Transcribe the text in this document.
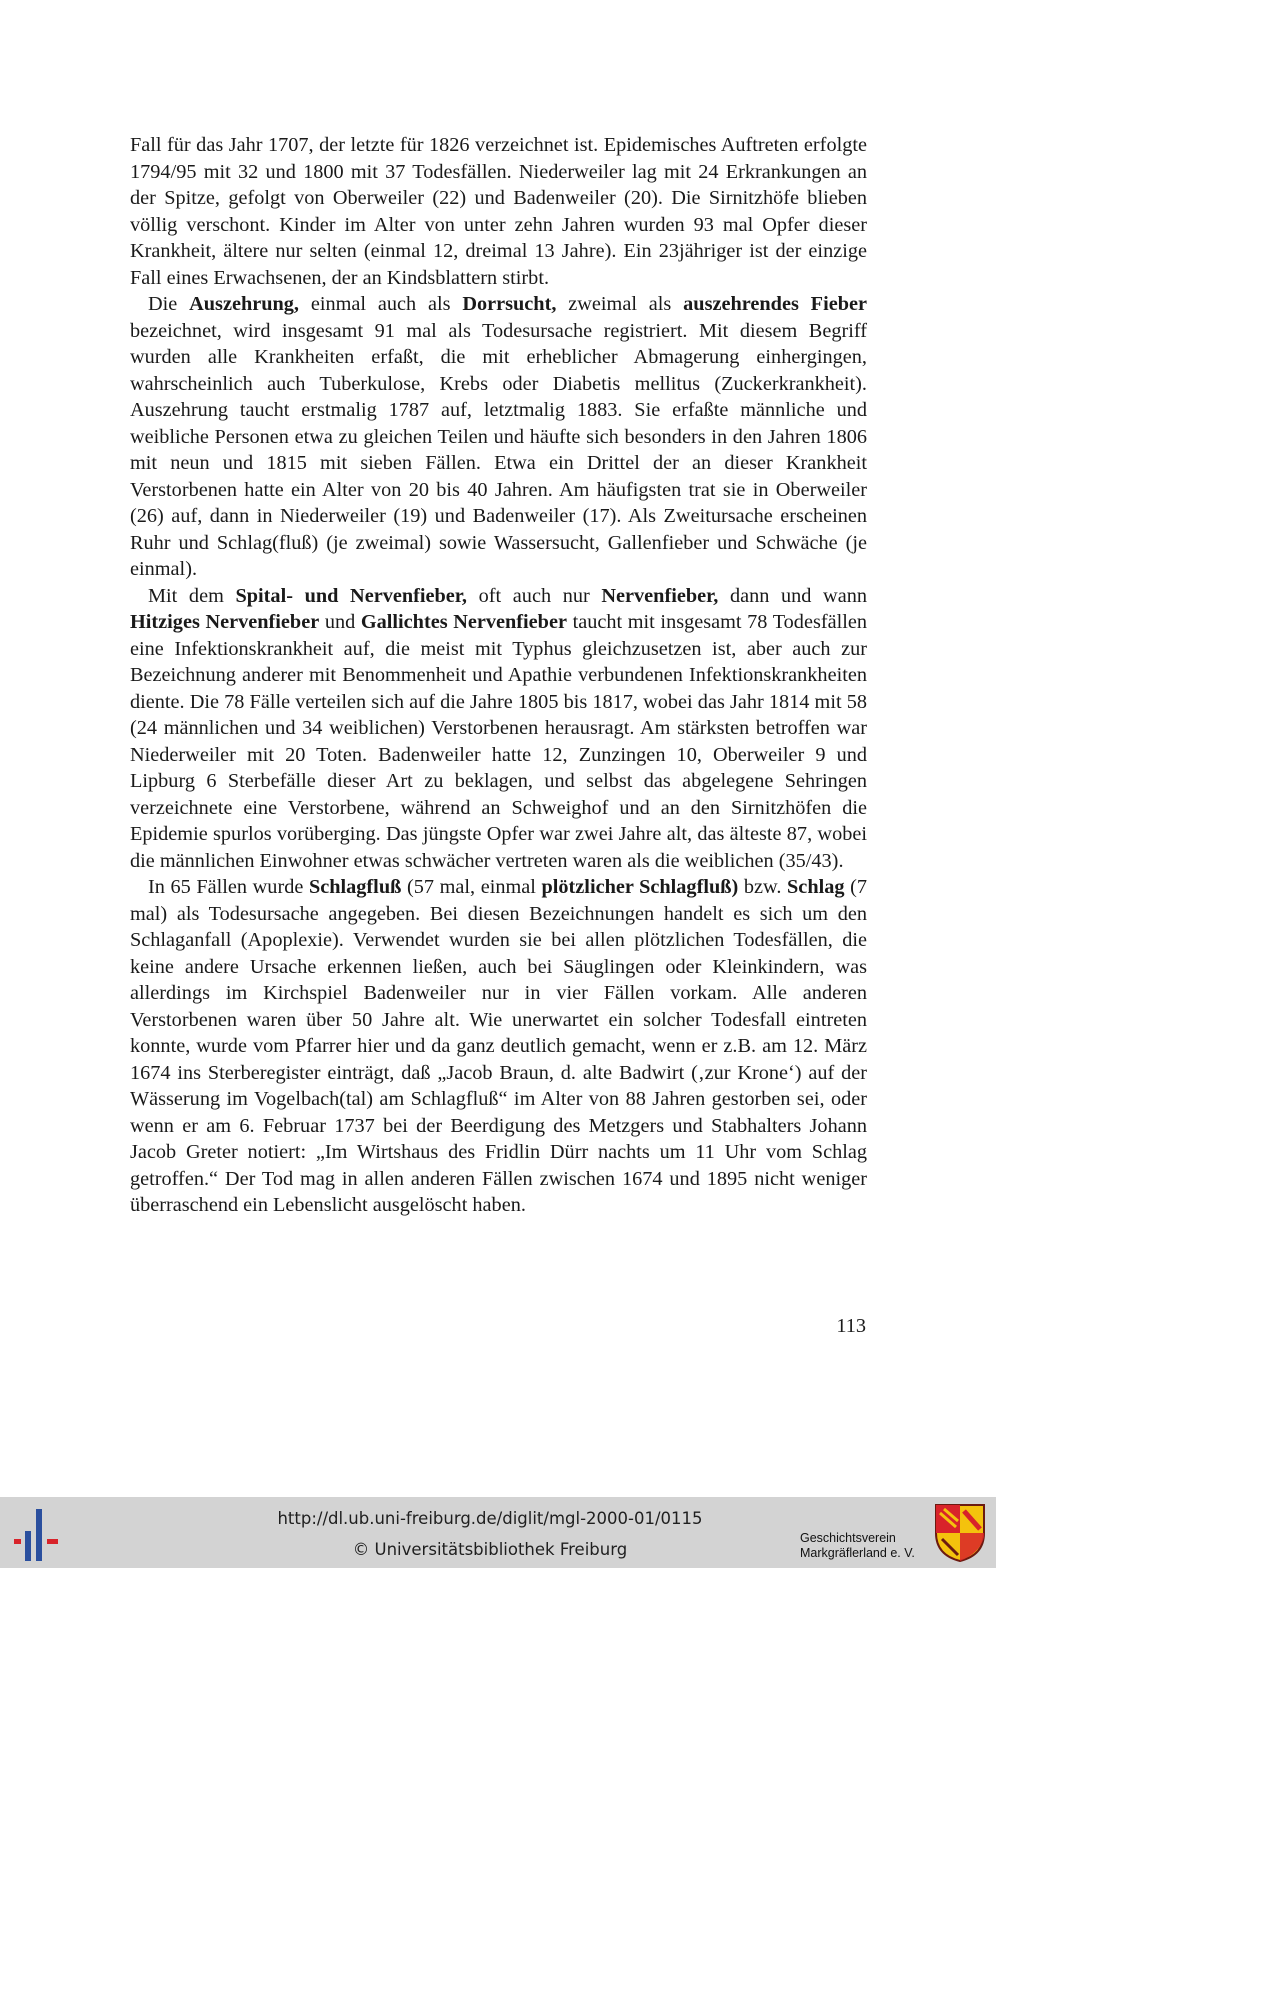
Fall für das Jahr 1707, der letzte für 1826 verzeichnet ist. Epidemisches Auftreten erfolgte 1794/95 mit 32 und 1800 mit 37 Todesfällen. Niederweiler lag mit 24 Erkrankungen an der Spitze, gefolgt von Oberweiler (22) und Badenweiler (20). Die Sirnitzhöfe blieben völlig verschont. Kinder im Alter von unter zehn Jahren wurden 93 mal Opfer dieser Krankheit, ältere nur selten (einmal 12, dreimal 13 Jahre). Ein 23jähriger ist der einzige Fall eines Erwachsenen, der an Kindsblattern stirbt.

Die Auszehrung, einmal auch als Dorrsucht, zweimal als auszehrendes Fieber bezeichnet, wird insgesamt 91 mal als Todesursache registriert. Mit diesem Begriff wurden alle Krankheiten erfaßt, die mit erheblicher Abmagerung einhergingen, wahrscheinlich auch Tuberkulose, Krebs oder Diabetis mellitus (Zuckerkrankheit). Auszehrung taucht erstmalig 1787 auf, letztmalig 1883. Sie erfaßte männliche und weibliche Personen etwa zu gleichen Teilen und häufte sich besonders in den Jahren 1806 mit neun und 1815 mit sieben Fällen. Etwa ein Drittel der an dieser Krankheit Verstorbenen hatte ein Alter von 20 bis 40 Jahren. Am häufigsten trat sie in Oberweiler (26) auf, dann in Niederweiler (19) und Badenweiler (17). Als Zweitursache erscheinen Ruhr und Schlag(fluß) (je zweimal) sowie Wassersucht, Gallenfieber und Schwäche (je einmal).

Mit dem Spital- und Nervenfieber, oft auch nur Nervenfieber, dann und wann Hitziges Nervenfieber und Gallichtes Nervenfieber taucht mit insgesamt 78 Todesfällen eine Infektionskrankheit auf, die meist mit Typhus gleichzusetzen ist, aber auch zur Bezeichnung anderer mit Benommenheit und Apathie verbundenen Infektionskrankheiten diente. Die 78 Fälle verteilen sich auf die Jahre 1805 bis 1817, wobei das Jahr 1814 mit 58 (24 männlichen und 34 weiblichen) Verstorbenen herausragt. Am stärksten betroffen war Niederweiler mit 20 Toten. Badenweiler hatte 12, Zunzingen 10, Oberweiler 9 und Lipburg 6 Sterbefälle dieser Art zu beklagen, und selbst das abgelegene Sehringen verzeichnete eine Verstorbene, während an Schweighof und an den Sirnitzhöfen die Epidemie spurlos vorüberging. Das jüngste Opfer war zwei Jahre alt, das älteste 87, wobei die männlichen Einwohner etwas schwächer vertreten waren als die weiblichen (35/43).

In 65 Fällen wurde Schlagfluß (57 mal, einmal plötzlicher Schlagfluß) bzw. Schlag (7 mal) als Todesursache angegeben. Bei diesen Bezeichnungen handelt es sich um den Schlaganfall (Apoplexie). Verwendet wurden sie bei allen plötzlichen Todesfällen, die keine andere Ursache erkennen ließen, auch bei Säuglingen oder Kleinkindern, was allerdings im Kirchspiel Badenweiler nur in vier Fällen vorkam. Alle anderen Verstorbenen waren über 50 Jahre alt. Wie unerwartet ein solcher Todesfall eintreten konnte, wurde vom Pfarrer hier und da ganz deutlich gemacht, wenn er z.B. am 12. März 1674 ins Sterberegister einträgt, daß „Jacob Braun, d. alte Badwirt (‚zur Krone‘) auf der Wässerung im Vogelbach(tal) am Schlagfluß“ im Alter von 88 Jahren gestorben sei, oder wenn er am 6. Februar 1737 bei der Beerdigung des Metzgers und Stabhalters Johann Jacob Greter notiert: „Im Wirtshaus des Fridlin Dürr nachts um 11 Uhr vom Schlag getroffen.“ Der Tod mag in allen anderen Fällen zwischen 1674 und 1895 nicht weniger überraschend ein Lebenslicht ausgelöscht haben.

113
http://dl.ub.uni-freiburg.de/diglit/mgl-2000-01/0115
© Universitätsbibliothek Freiburg
Geschichtsverein
Markgräflerland e. V.
